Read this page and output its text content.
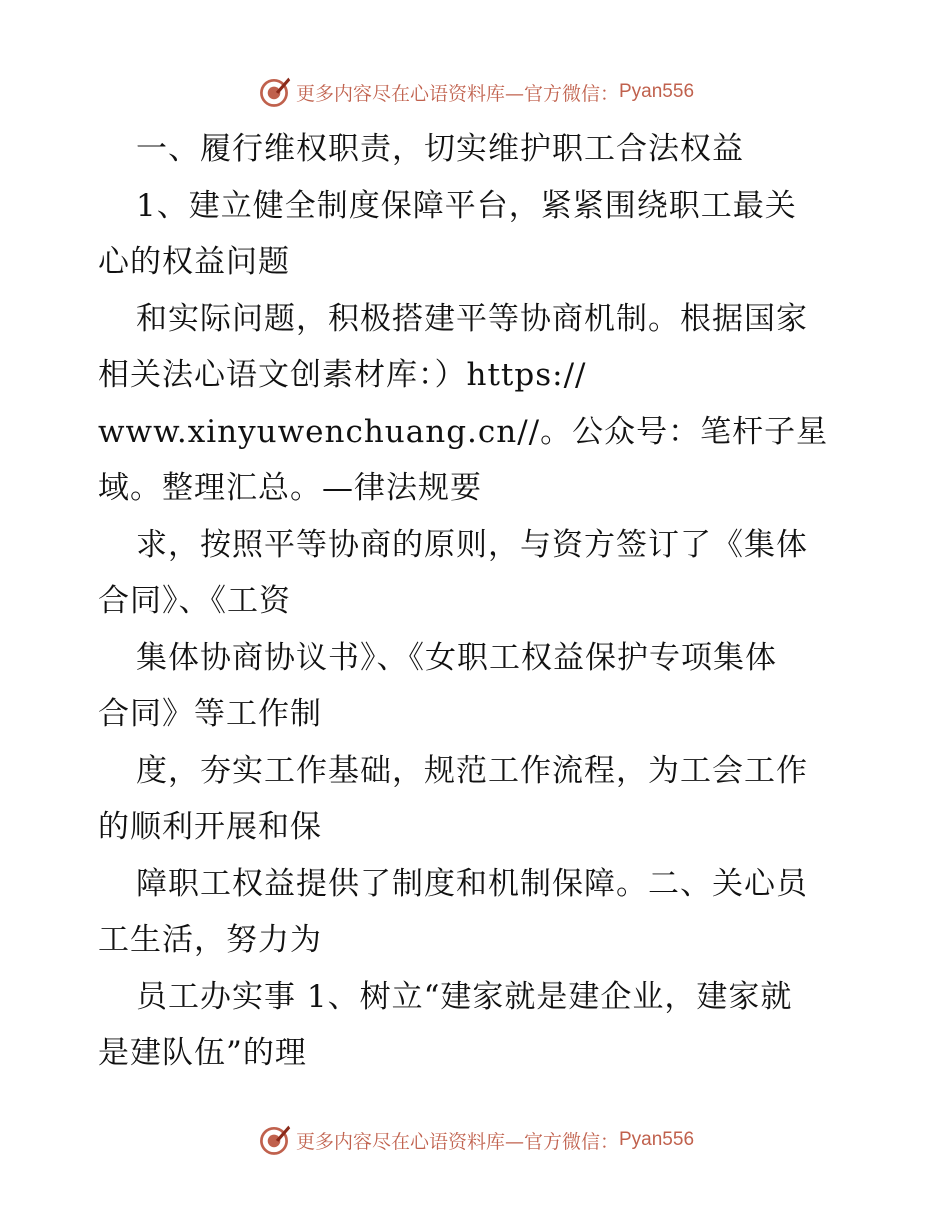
更多内容尽在心语资料库—官方微信： Pyan556
一、履行维权职责，切实维护职工合法权益
1、建立健全制度保障平台，紧紧围绕职工最关
心的权益问题
和实际问题，积极搭建平等协商机制。根据国家
相关法心语文创素材库：）https://
www.xinyuwenchuang.cn//。公众号：笔杆子星
域。整理汇总。—律法规要
求，按照平等协商的原则，与资方签订了《集体
合同》、《工资
集体协商协议书》、《女职工权益保护专项集体
合同》等工作制
度，夯实工作基础，规范工作流程，为工会工作
的顺利开展和保
障职工权益提供了制度和机制保障。二、关心员
工生活，努力为
员工办实事 1、树立“建家就是建企业，建家就
是建队伍”的理
更多内容尽在心语资料库—官方微信： Pyan556
